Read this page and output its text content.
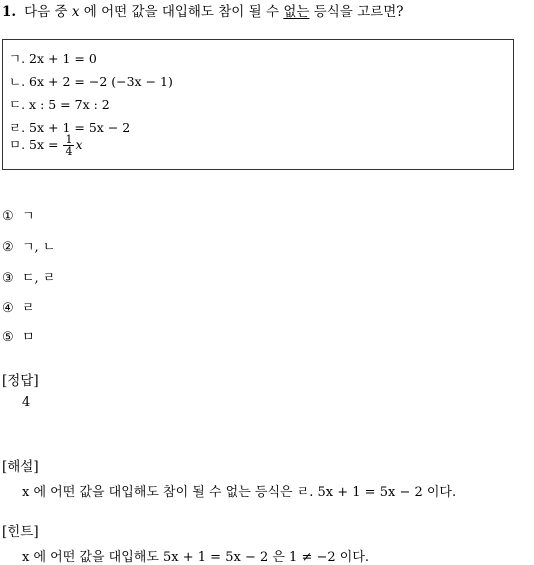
1. 다음 중 x 에 어떤 값을 대입해도 참이 될 수 없는 등식을 고르면?
ㄱ. 2x + 1 = 0
ㄴ. 6x + 2 = −2 (−3x − 1)
ㄷ. x : 5 = 7x : 2
ㄹ. 5x + 1 = 5x − 2
ㅁ. $5x = \frac{1}{4}$ x
① ㄱ
② ㄱ, ㄴ
③ ㄷ, ㄹ
④ ㄹ
⑤ ㅁ
[정답]
4
[해설]
x 에 어떤 값을 대입해도 참이 될 수 없는 등식은 ㄹ. 5x + 1 = 5x − 2 이다.
[힌트]
x 에 어떤 값을 대입해도 5x + 1 = 5x − 2 은 1 ≠ −2 이다.
